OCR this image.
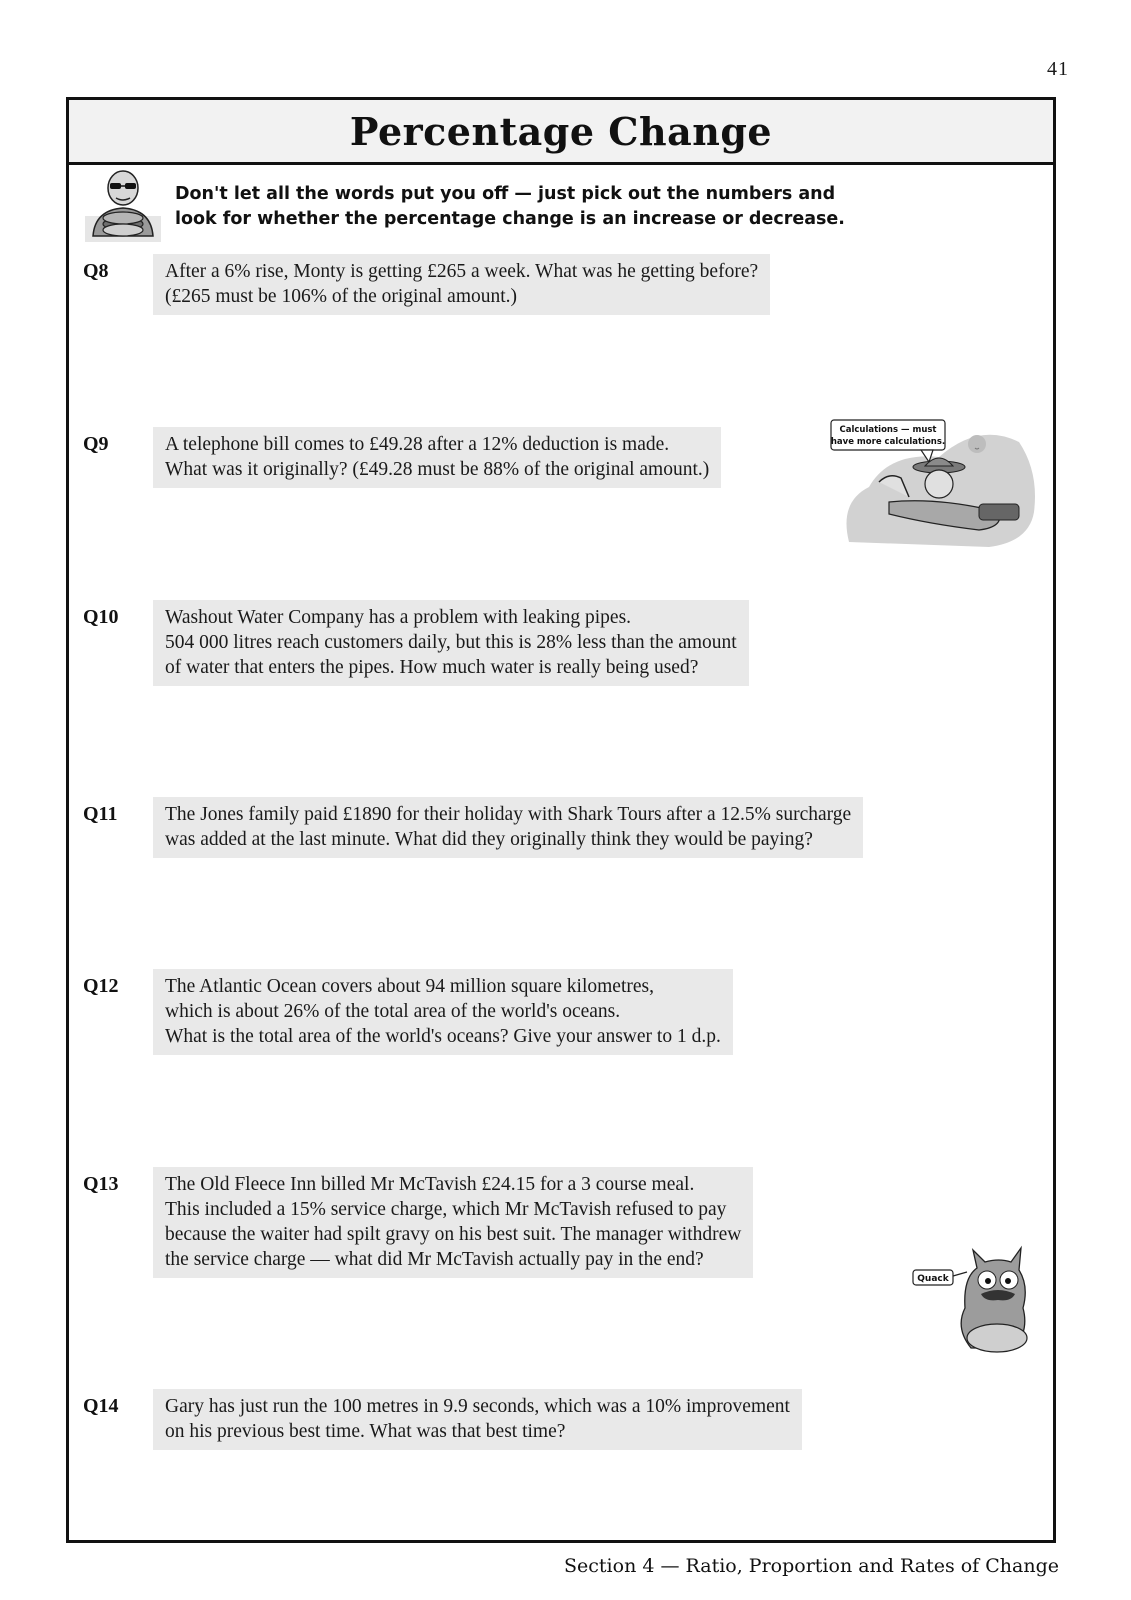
41
Percentage Change
Don't let all the words put you off — just pick out the numbers and
look for whether the percentage change is an increase or decrease.
Q8	After a 6% rise, Monty is getting £265 a week. What was he getting before?
(£265 must be 106% of the original amount.)
Q9	A telephone bill comes to £49.28 after a 12% deduction is made.
What was it originally? (£49.28 must be 88% of the original amount.)
Calculations — must
have more calculations.
Q10 Washout Water Company has a problem with leaking pipes.
504 000 litres reach customers daily, but this is 28% less than the amount
of water that enters the pipes. How much water is really being used?
Q11 The Jones family paid £1890 for their holiday with Shark Tours after a 12.5% surcharge
was added at the last minute. What did they originally think they would be paying?
Q12 The Atlantic Ocean covers about 94 million square kilometres,
which is about 26% of the total area of the world's oceans.
What is the total area of the world's oceans? Give your answer to 1 d.p.
Q13 The Old Fleece Inn billed Mr McTavish £24.15 for a 3 course meal.
This included a 15% service charge, which Mr McTavish refused to pay
because the waiter had spilt gravy on his best suit. The manager withdrew
the service charge — what did Mr McTavish actually pay in the end?
Quack
Q14 Gary has just run the 100 metres in 9.9 seconds, which was a 10% improvement
on his previous best time. What was that best time?
Section 4 — Ratio, Proportion and Rates of Change
